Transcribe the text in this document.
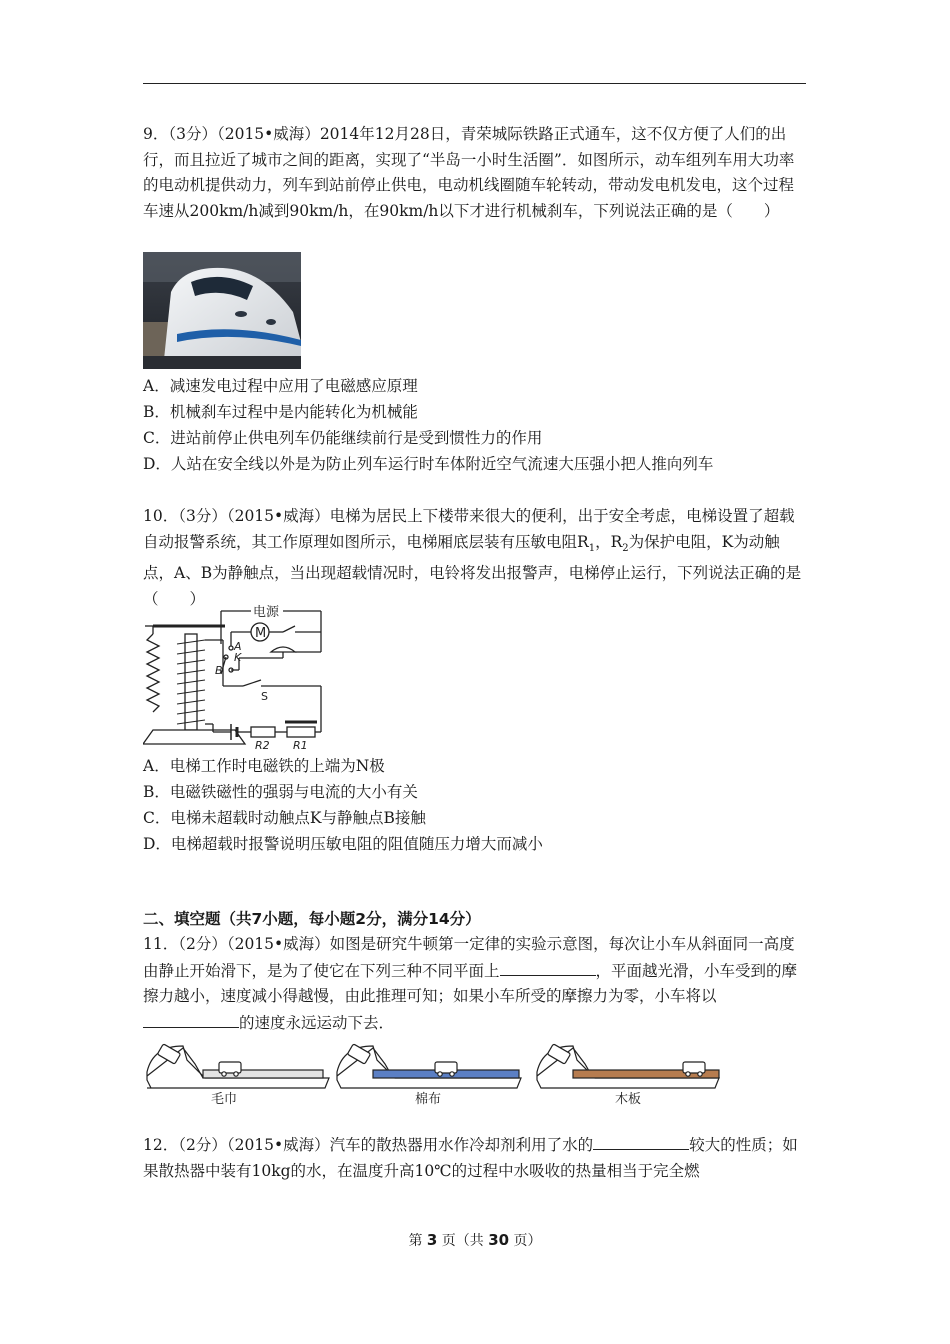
9．（3分）（2015•威海）2014年12月28日，青荣城际铁路正式通车，这不仅方便了人们的出行，而且拉近了城市之间的距离，实现了“半岛一小时生活圈”．如图所示，动车组列车用大功率的电动机提供动力，列车到站前停止供电，电动机线圈随车轮转动，带动发电机发电，这个过程车速从200km/h减到90km/h，在90km/h以下才进行机械刹车，下列说法正确的是（　　）

A．减速发电过程中应用了电磁感应原理
B．机械刹车过程中是内能转化为机械能
C．进站前停止供电列车仍能继续前行是受到惯性力的作用
D．人站在安全线以外是为防止列车运行时车体附近空气流速大压强小把人推向列车

10．（3分）（2015•威海）电梯为居民上下楼带来很大的便利，出于安全考虑，电梯设置了超载自动报警系统，其工作原理如图所示，电梯厢底层装有压敏电阻$R_1$，$R_2$为保护电阻，K为动触点，A、B为静触点，当出现超载情况时，电铃将发出报警声，电梯停止运行，下列说法正确的是（　　）

电源
M
A
K
B
S
R2 R1
A．电梯工作时电磁铁的上端为N极
B．电磁铁磁性的强弱与电流的大小有关
C．电梯未超载时动触点K与静触点B接触
D．电梯超载时报警说明压敏电阻的阻值随压力增大而减小
二、填空题（共7小题，每小题2分，满分14分）

11．（2分）（2015•威海）如图是研究牛顿第一定律的实验示意图，每次让小车从斜面同一高度由静止开始滑下，是为了使它在下列三种不同平面上	，平面越光滑，小车受到的摩擦力越小，速度减小得越慢，由此推理可知；如果小车所受的摩擦力为零，小车将以的速度永远运动下去．

毛巾	棉布	木板

12．（2分）（2015•威海）汽车的散热器用水作冷却剂利用了水的	较大的性质；如果散热器中装有10kg的水，在温度升高10℃的过程中水吸收的热量相当于完全燃

第 3 页（共 30 页）
